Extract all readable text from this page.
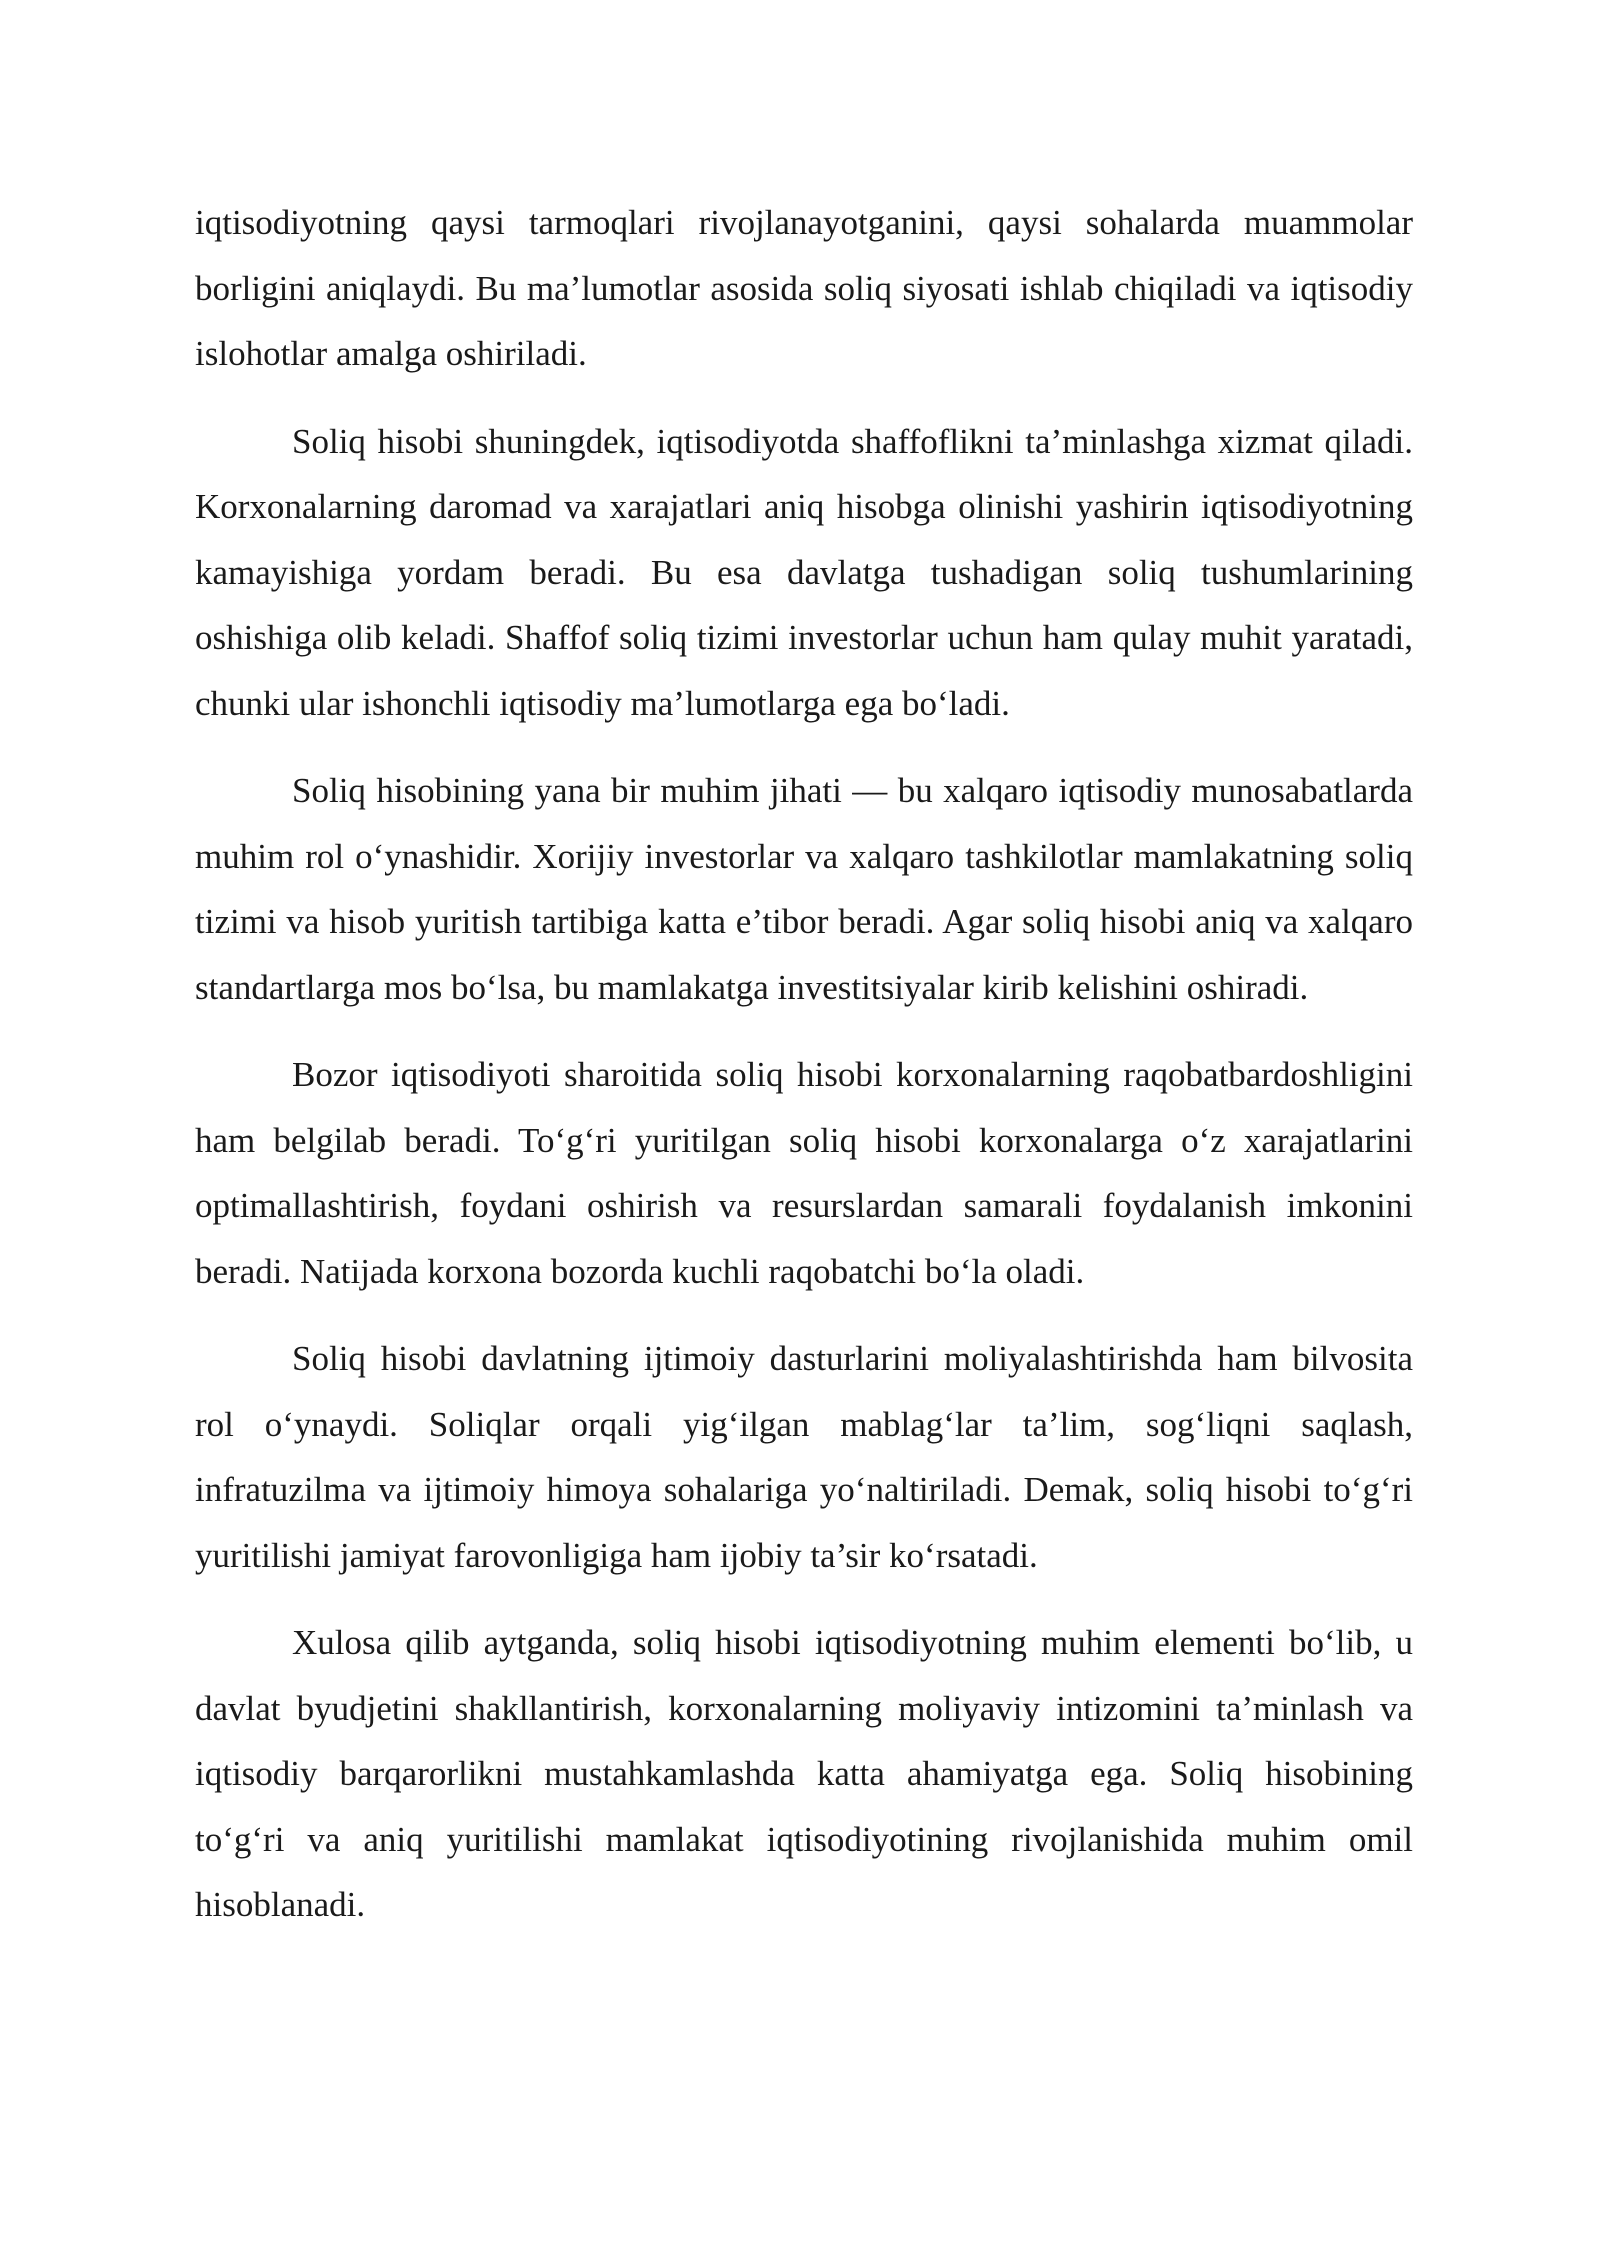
iqtisodiyotning qaysi tarmoqlari rivojlanayotganini, qaysi sohalarda muammolar borligini aniqlaydi. Bu ma’lumotlar asosida soliq siyosati ishlab chiqiladi va iqtisodiy islohotlar amalga oshiriladi.

Soliq hisobi shuningdek, iqtisodiyotda shaffoflikni ta’minlashga xizmat qiladi. Korxonalarning daromad va xarajatlari aniq hisobga olinishi yashirin iqtisodiyotning kamayishiga yordam beradi. Bu esa davlatga tushadigan soliq tushumlarining oshishiga olib keladi. Shaffof soliq tizimi investorlar uchun ham qulay muhit yaratadi, chunki ular ishonchli iqtisodiy ma’lumotlarga ega bo‘ladi.

Soliq hisobining yana bir muhim jihati — bu xalqaro iqtisodiy munosabatlarda muhim rol o‘ynashidir. Xorijiy investorlar va xalqaro tashkilotlar mamlakatning soliq tizimi va hisob yuritish tartibiga katta e’tibor beradi. Agar soliq hisobi aniq va xalqaro standartlarga mos bo‘lsa, bu mamlakatga investitsiyalar kirib kelishini oshiradi.

Bozor iqtisodiyoti sharoitida soliq hisobi korxonalarning raqobatbardoshligini ham belgilab beradi. To‘g‘ri yuritilgan soliq hisobi korxonalarga o‘z xarajatlarini optimallashtirish, foydani oshirish va resurslardan samarali foydalanish imkonini beradi. Natijada korxona bozorda kuchli raqobatchi bo‘la oladi.

Soliq hisobi davlatning ijtimoiy dasturlarini moliyalashtirishda ham bilvosita rol o‘ynaydi. Soliqlar orqali yig‘ilgan mablag‘lar ta’lim, sog‘liqni saqlash, infratuzilma va ijtimoiy himoya sohalariga yo‘naltiriladi. Demak, soliq hisobi to‘g‘ri yuritilishi jamiyat farovonligiga ham ijobiy ta’sir ko‘rsatadi.

Xulosa qilib aytganda, soliq hisobi iqtisodiyotning muhim elementi bo‘lib, u davlat byudjetini shakllantirish, korxonalarning moliyaviy intizomini ta’minlash va iqtisodiy barqarorlikni mustahkamlashda katta ahamiyatga ega. Soliq hisobining to‘g‘ri va aniq yuritilishi mamlakat iqtisodiyotining rivojlanishida muhim omil hisoblanadi.
